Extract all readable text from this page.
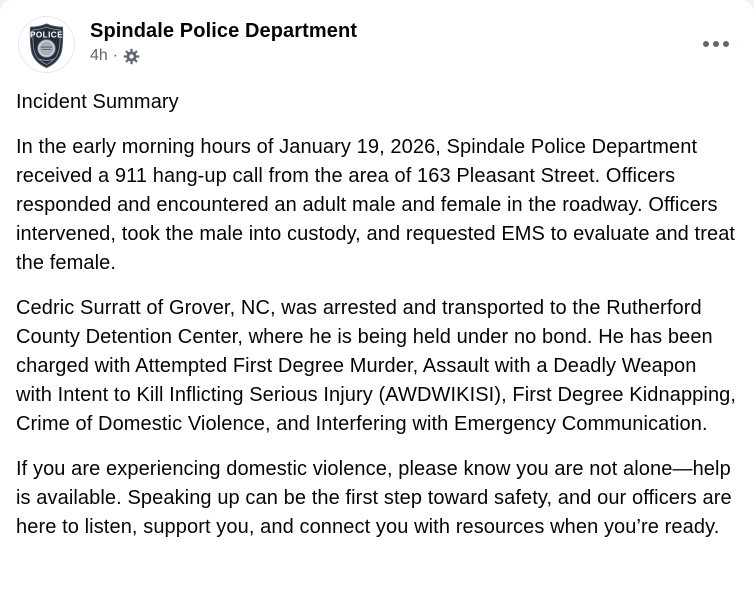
POLICE Spindale Police Department
4h ·

Incident Summary

In the early morning hours of January 19, 2026, Spindale Police Department received a 911 hang-up call from the area of 163 Pleasant Street. Officers responded and encountered an adult male and female in the roadway. Officers intervened, took the male into custody, and requested EMS to evaluate and treat the female.

Cedric Surratt of Grover, NC, was arrested and transported to the Rutherford County Detention Center, where he is being held under no bond. He has been charged with Attempted First Degree Murder, Assault with a Deadly Weapon with Intent to Kill Inflicting Serious Injury (AWDWIKISI), First Degree Kidnapping, Crime of Domestic Violence, and Interfering with Emergency Communication.

If you are experiencing domestic violence, please know you are not alone—help is available. Speaking up can be the first step toward safety, and our officers are here to listen, support you, and connect you with resources when you’re ready.
